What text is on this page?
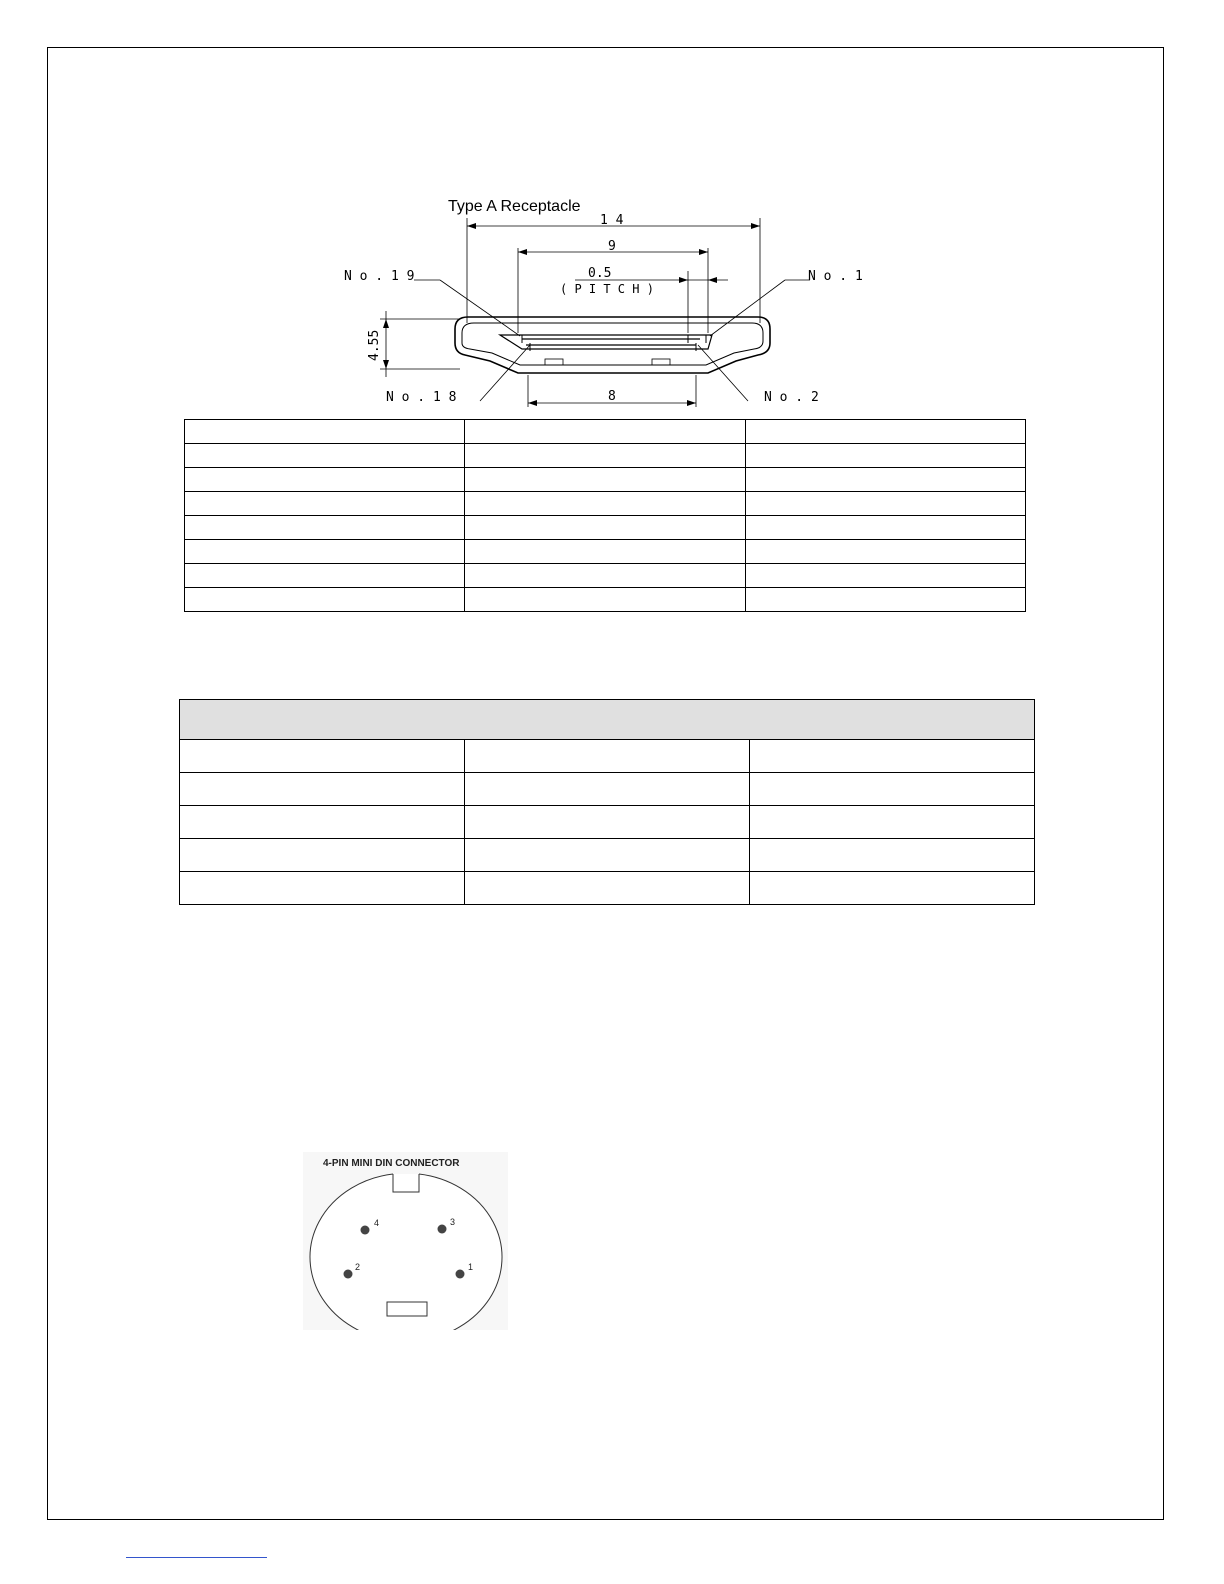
Type A Receptacle
1 4
9
0.5
( P I T C H )
4.55
N o . 1 9	N o . 1
N o . 1 8	N o . 2
8

4-PIN MINI DIN CONNECTOR
4	3
2	1
